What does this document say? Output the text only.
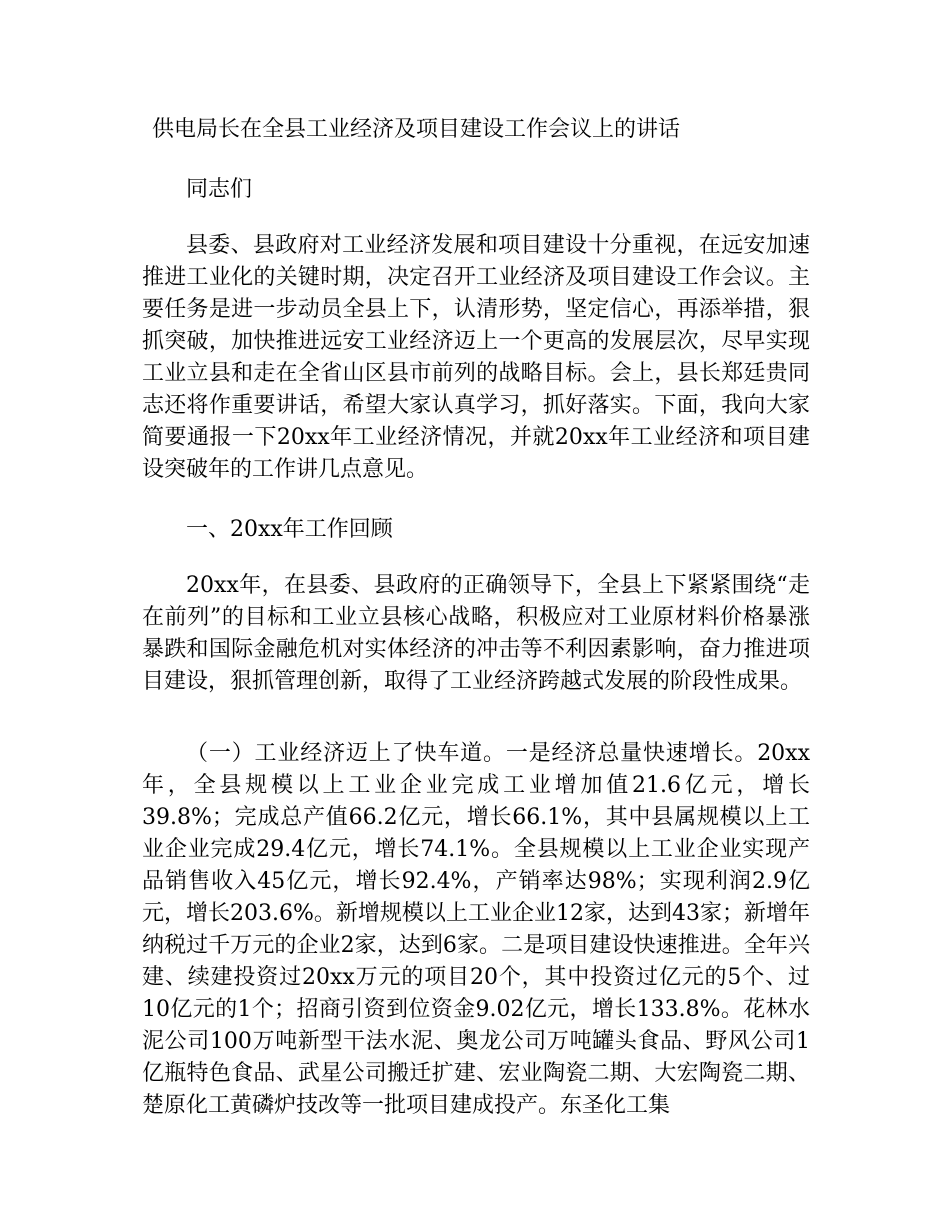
供电局长在全县工业经济及项目建设工作会议上的讲话

同志们

县委、县政府对工业经济发展和项目建设十分重视，在远安加速推进工业化的关键时期，决定召开工业经济及项目建设工作会议。主要任务是进一步动员全县上下，认清形势，坚定信心，再添举措，狠抓突破，加快推进远安工业经济迈上一个更高的发展层次，尽早实现工业立县和走在全省山区县市前列的战略目标。会上，县长郑廷贵同志还将作重要讲话，希望大家认真学习，抓好落实。下面，我向大家简要通报一下20xx年工业经济情况，并就20xx年工业经济和项目建设突破年的工作讲几点意见。

一、20xx年工作回顾

20xx年，在县委、县政府的正确领导下，全县上下紧紧围绕“走在前列”的目标和工业立县核心战略，积极应对工业原材料价格暴涨暴跌和国际金融危机对实体经济的冲击等不利因素影响，奋力推进项目建设，狠抓管理创新，取得了工业经济跨越式发展的阶段性成果。

（一）工业经济迈上了快车道。一是经济总量快速增长。20xx年，全县规模以上工业企业完成工业增加值21.6亿元，增长39.8%；完成总产值66.2亿元，增长66.1%，其中县属规模以上工业企业完成29.4亿元，增长74.1%。全县规模以上工业企业实现产品销售收入45亿元，增长92.4%，产销率达98%；实现利润2.9亿元，增长203.6%。新增规模以上工业企业12家，达到43家；新增年纳税过千万元的企业2家，达到6家。二是项目建设快速推进。全年兴建、续建投资过20xx万元的项目20个，其中投资过亿元的5个、过10亿元的1个；招商引资到位资金9.02亿元，增长133.8%。花林水泥公司100万吨新型干法水泥、奥龙公司万吨罐头食品、野风公司1亿瓶特色食品、武星公司搬迁扩建、宏业陶瓷二期、大宏陶瓷二期、楚原化工黄磷炉技改等一批项目建成投产。东圣化工集
